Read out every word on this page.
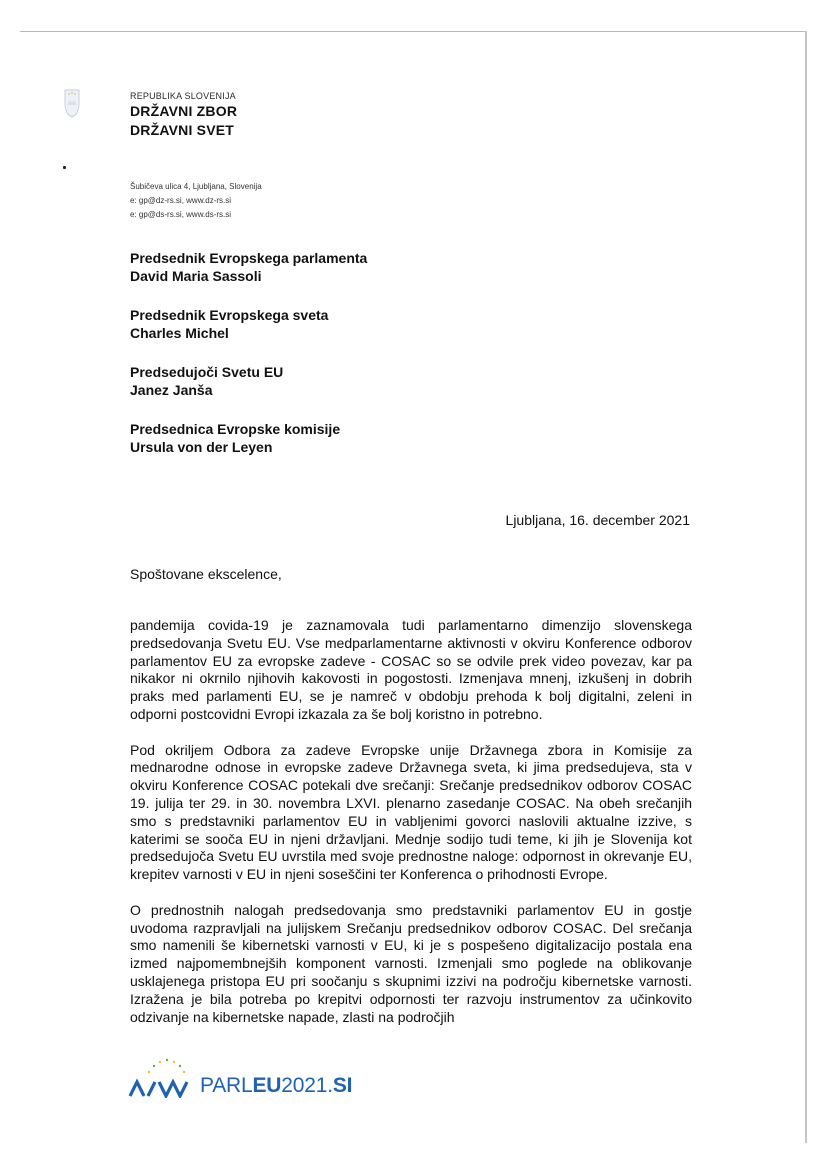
REPUBLIKA SLOVENIJA
DRŽAVNI ZBOR
DRŽAVNI SVET
Šubičeva ulica 4, Ljubljana, Slovenija
e: gp@dz-rs.si, www.dz-rs.si
e: gp@ds-rs.si, www.ds-rs.si
Predsednik Evropskega parlamenta
David Maria Sassoli
Predsednik Evropskega sveta
Charles Michel
Predsedujoči Svetu EU
Janez Janša
Predsednica Evropske komisije
Ursula von der Leyen
Ljubljana, 16. december 2021
Spoštovane ekscelence,

pandemija covida-19 je zaznamovala tudi parlamentarno dimenzijo slovenskega predsedovanja Svetu EU. Vse medparlamentarne aktivnosti v okviru Konference odborov parlamentov EU za evropske zadeve - COSAC so se odvile prek video povezav, kar pa nikakor ni okrnilo njihovih kakovosti in pogostosti. Izmenjava mnenj, izkušenj in dobrih praks med parlamenti EU, se je namreč v obdobju prehoda k bolj digitalni, zeleni in odporni postcovidni Evropi izkazala za še bolj koristno in potrebno.

Pod okriljem Odbora za zadeve Evropske unije Državnega zbora in Komisije za mednarodne odnose in evropske zadeve Državnega sveta, ki jima predsedujeva, sta v okviru Konference COSAC potekali dve srečanji: Srečanje predsednikov odborov COSAC 19. julija ter 29. in 30. novembra LXVI. plenarno zasedanje COSAC. Na obeh srečanjih smo s predstavniki parlamentov EU in vabljenimi govorci naslovili aktualne izzive, s katerimi se sooča EU in njeni državljani. Mednje sodijo tudi teme, ki jih je Slovenija kot predsedujoča Svetu EU uvrstila med svoje prednostne naloge: odpornost in okrevanje EU, krepitev varnosti v EU in njeni soseščini ter Konferenca o prihodnosti Evrope.

O prednostnih nalogah predsedovanja smo predstavniki parlamentov EU in gostje uvodoma razpravljali na julijskem Srečanju predsednikov odborov COSAC. Del srečanja smo namenili še kibernetski varnosti v EU, ki je s pospešeno digitalizacijo postala ena izmed najpomembnejših komponent varnosti. Izmenjali smo poglede na oblikovanje usklajenega pristopa EU pri soočanju s skupnimi izzivi na področju kibernetske varnosti. Izražena je bila potreba po krepitvi odpornosti ter razvoju instrumentov za učinkovito odzivanje na kibernetske napade, zlasti na področjih

PARLEU2021.SI
